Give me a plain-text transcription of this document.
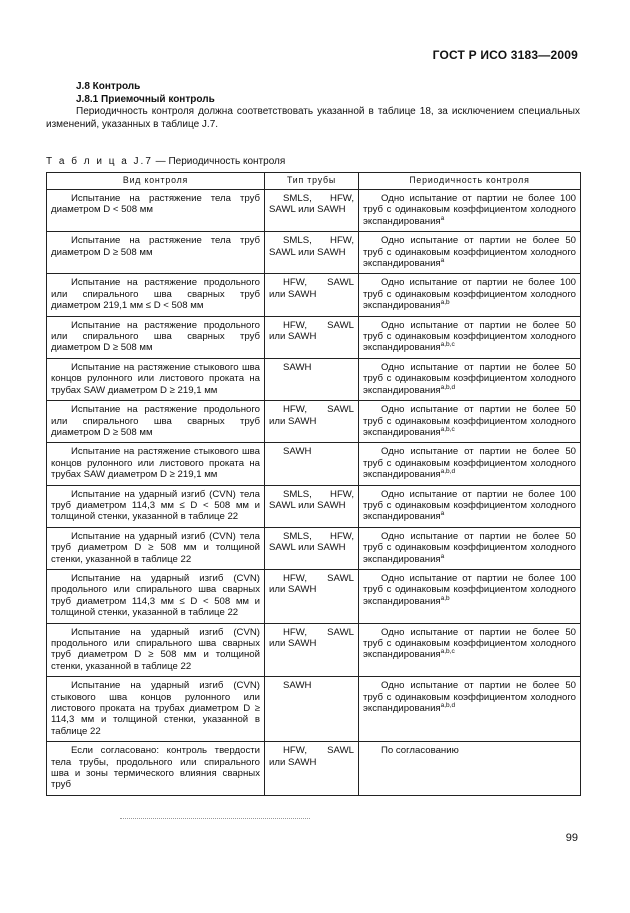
ГОСТ Р ИСО 3183—2009
J.8 Контроль
J.8.1 Приемочный контроль
Периодичность контроля должна соответствовать указанной в таблице 18, за исключением специальных изменений, указанных в таблице J.7.
Т а б л и ц а J.7 — Периодичность контроля
Вид контроля	Тип трубы	Периодичность контроля
Испытание на растяжение тела труб диаметром D < 508 мм	SMLS, HFW, SAWL или SAWH	Одно испытание от партии не более 100 труб с одинаковым коэффициентом холодного экспандирования$^a$
Испытание на растяжение тела труб диаметром D ≥ 508 мм	SMLS, HFW, SAWL или SAWH	Одно испытание от партии не более 50 труб с одинаковым коэффициентом холодного экспандирования$^a$
Испытание на растяжение продольного или спирального шва сварных труб диаметром 219,1 мм ≤ D < 508 мм	HFW, SAWL или SAWH	Одно испытание от партии не более 100 труб с одинаковым коэффициентом холодного экспандирования$^{a,b}$
Испытание на растяжение продольного или спирального шва сварных труб диаметром D ≥ 508 мм	HFW, SAWL или SAWH	Одно испытание от партии не более 50 труб с одинаковым коэффициентом холодного экспандирования$^{a,b,c}$
Испытание на растяжение стыкового шва концов рулонного или листового проката на трубах SAW диаметром D ≥ 219,1 мм	SAWH	Одно испытание от партии не более 50 труб с одинаковым коэффициентом холодного экспандирования$^{a,b,d}$
Испытание на растяжение продольного или спирального шва сварных труб диаметром D ≥ 508 мм	HFW, SAWL или SAWH	Одно испытание от партии не более 50 труб с одинаковым коэффициентом холодного экспандирования$^{a,b,c}$
Испытание на растяжение стыкового шва концов рулонного или листового проката на трубах SAW диаметром D ≥ 219,1 мм	SAWH	Одно испытание от партии не более 50 труб с одинаковым коэффициентом холодного экспандирования$^{a,b,d}$
Испытание на ударный изгиб (CVN) тела труб диаметром 114,3 мм ≤ D < 508 мм и толщиной стенки, указанной в таблице 22	SMLS, HFW, SAWL или SAWH	Одно испытание от партии не более 100 труб с одинаковым коэффициентом холодного экспандирования$^a$
Испытание на ударный изгиб (CVN) тела труб диаметром D ≥ 508 мм и толщиной стенки, указанной в таблице 22	SMLS, HFW, SAWL или SAWH	Одно испытание от партии не более 50 труб с одинаковым коэффициентом холодного экспандирования$^a$
Испытание на ударный изгиб (CVN) продольного или спирального шва сварных труб диаметром 114,3 мм ≤ D < 508 мм и толщиной стенки, указанной в таблице 22	HFW, SAWL или SAWH	Одно испытание от партии не более 100 труб с одинаковым коэффициентом холодного экспандирования$^{a,b}$
Испытание на ударный изгиб (CVN) продольного или спирального шва сварных труб диаметром D ≥ 508 мм и толщиной стенки, указанной в таблице 22	HFW, SAWL или SAWH	Одно испытание от партии не более 50 труб с одинаковым коэффициентом холодного экспандирования$^{a,b,c}$
Испытание на ударный изгиб (CVN) стыкового шва концов рулонного или листового проката на трубах диаметром D ≥ 114,3 мм и толщиной стенки, указанной в таблице 22	SAWH	Одно испытание от партии не более 50 труб с одинаковым коэффициентом холодного экспандирования$^{a,b,d}$
Если согласовано: контроль твердости тела трубы, продольного или спирального шва и зоны термического влияния сварных труб	HFW, SAWL или SAWH	По согласованию
99
